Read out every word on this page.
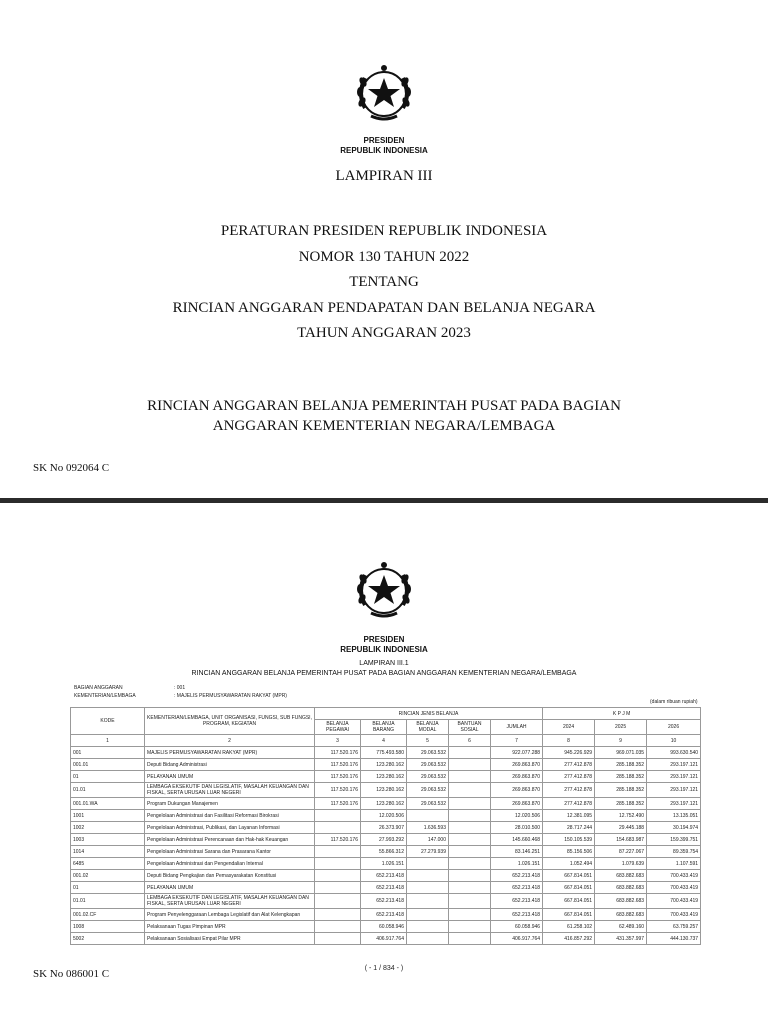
PRESIDEN
REPUBLIK INDONESIA
LAMPIRAN III
PERATURAN PRESIDEN REPUBLIK INDONESIA
NOMOR 130 TAHUN 2022
TENTANG
RINCIAN ANGGARAN PENDAPATAN DAN BELANJA NEGARA
TAHUN ANGGARAN 2023
RINCIAN ANGGARAN BELANJA PEMERINTAH PUSAT PADA BAGIAN
ANGGARAN KEMENTERIAN NEGARA/LEMBAGA
SK No 092064 C
PRESIDEN
REPUBLIK INDONESIA
LAMPIRAN III.1
RINCIAN ANGGARAN BELANJA PEMERINTAH PUSAT PADA BAGIAN ANGGARAN KEMENTERIAN NEGARA/LEMBAGA
BAGIAN ANGGARAN	: 001
KEMENTERIAN/LEMBAGA	: MAJELIS PERMUSYAWARATAN RAKYAT (MPR)
(dalam ribuan rupiah)
KODE	KEMENTERIAN/LEMBAGA, UNIT ORGANISASI, FUNGSI, SUB FUNGSI, PROGRAM, KEGIATAN	RINCIAN JENIS BELANJA					K P J M		
		BELANJA PEGAWAI	BELANJA BARANG	BELANJA MODAL	BANTUAN SOSIAL	JUMLAH	2024	2025	2026
1	2	3	4	5	6	7	8	9	10
001	MAJELIS PERMUSYAWARATAN RAKYAT (MPR)	117.520.176	775.493.580	29.063.532		922.077.288	945.226.929	969.071.035	993.630.540
001.01	Deputi Bidang Administrasi	117.520.176	123.280.162	29.063.532		269.863.870	277.412.878	285.188.352	293.197.121
01	PELAYANAN UMUM	117.520.176	123.280.162	29.063.532		269.863.870	277.412.878	285.188.352	293.197.121
01.01	LEMBAGA EKSEKUTIF DAN LEGISLATIF, MASALAH KEUANGAN DAN FISKAL, SERTA URUSAN LUAR NEGERI	117.520.176	123.280.162	29.063.532		269.863.870	277.412.878	285.188.352	293.197.121
001.01.WA	Program Dukungan Manajemen	117.520.176	123.280.162	29.063.532		269.863.870	277.412.878	285.188.352	293.197.121
1001	Pengelolaan Administrasi dan Fasilitasi Reformasi Birokrasi		12.020.506			12.020.506	12.381.095	12.752.490	13.135.051
1002	Pengelolaan Administrasi, Publikasi, dan Layanan Informasi		26.373.907	1.636.593		28.010.500	28.717.244	29.445.188	30.194.974
1003	Pengelolaan Administrasi Perencanaan dan Hak-hak Keuangan	117.520.176	27.993.292	147.000		145.660.468	150.105.539	154.683.987	159.399.751
1014	Pengelolaan Administrasi Sarana dan Prasarana Kantor		55.866.312	27.279.939		83.146.251	85.156.506	87.227.067	89.359.754
6485	Pengelolaan Administrasi dan Pengendalian Internal		1.026.151			1.026.151	1.052.494	1.079.639	1.107.591
001.02	Deputi Bidang Pengkajian dan Pemasyarakatan Konstitusi		652.213.418			652.213.418	667.814.051	683.882.683	700.433.419
01	PELAYANAN UMUM		652.213.418			652.213.418	667.814.051	683.882.683	700.433.419
01.01	LEMBAGA EKSEKUTIF DAN LEGISLATIF, MASALAH KEUANGAN DAN FISKAL, SERTA URUSAN LUAR NEGERI		652.213.418			652.213.418	667.814.051	683.882.683	700.433.419
001.02.CF	Program Penyelenggaraan Lembaga Legislatif dan Alat Kelengkapan		652.213.418			652.213.418	667.814.051	683.882.683	700.433.419
1008	Pelaksanaan Tugas Pimpinan MPR		60.058.946			60.058.946	61.258.102	62.489.160	63.759.257
5002	Pelaksanaan Sosialisasi Empat Pilar MPR		406.917.764			406.917.764	416.857.292	431.357.997	444.130.737
( - 1 / 834 - )
SK No 086001 C
